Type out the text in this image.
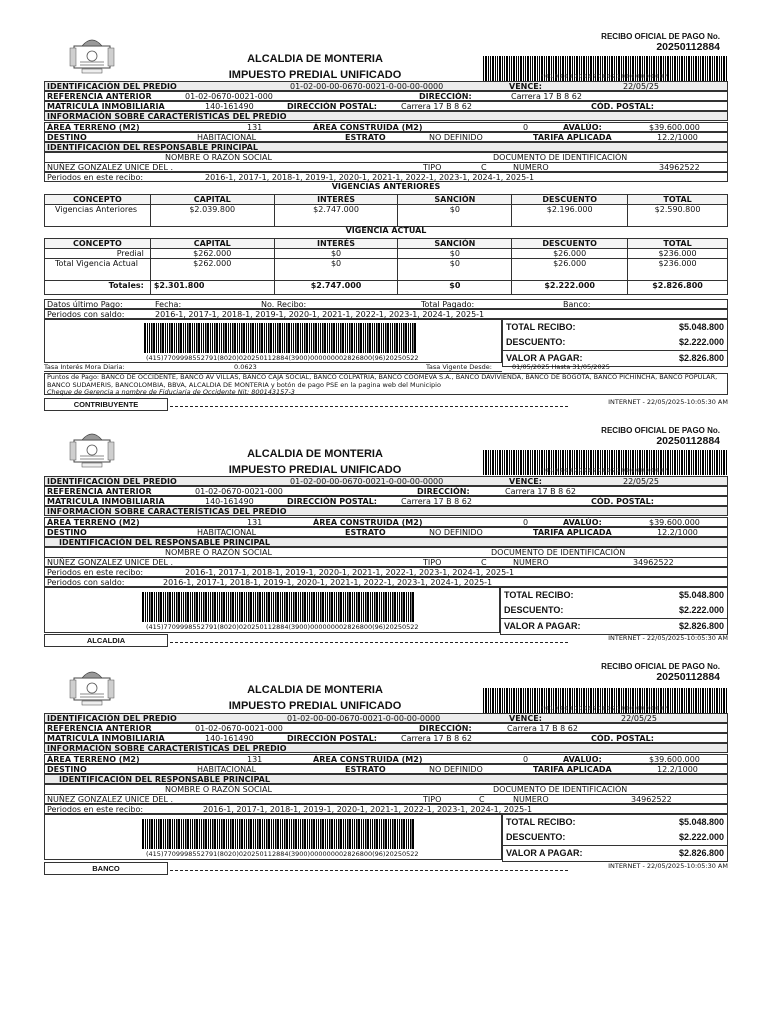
RECIBO OFICIAL DE PAGO No.
20250112884
ALCALDIA DE MONTERIA
IMPUESTO PREDIAL UNIFICADO	*0102000006700021000000000*
IDENTIFICACIÓN DEL PREDIO	01-02-00-00-0670-0021-0-00-00-0000	VENCE:	22/05/25
REFERENCIA ANTERIOR	01-02-0670-0021-000	DIRECCIÓN:	Carrera 17 B 8 62
MATRICULA INMOBILIARIA	140-161490	DIRECCIÓN POSTAL:	Carrera 17 B 8 62	CÓD. POSTAL:
INFORMACIÓN SOBRE CARACTERÍSTICAS DEL PREDIO
ÁREA TERRENO (M2)	131	ÁREA CONSTRUIDA (M2)	0	AVALÚO:	$39.600.000
DESTINO	HABITACIONAL	ESTRATO	NO DEFINIDO	TARIFA APLICADA	12.2/1000
IDENTIFICACIÓN DEL RESPONSABLE PRINCIPAL
NOMBRE O RAZÓN SOCIAL	DOCUMENTO DE IDENTIFICACIÓN
NUÑEZ GONZALEZ UNICE DEL .	TIPO	C	NUMERO	34962522
Periodos en este recibo:	2016-1, 2017-1, 2018-1, 2019-1, 2020-1, 2021-1, 2022-1, 2023-1, 2024-1, 2025-1
VIGENCIAS ANTERIORES
CONCEPTO	CAPITAL	INTERÉS	SANCIÓN	DESCUENTO	TOTAL
Vigencias Anteriores	$2.039.800	$2.747.000	$0	$2.196.000	$2.590.800
VIGENCIA ACTUAL
CONCEPTO	CAPITAL	INTERÉS	SANCIÓN	DESCUENTO	TOTAL
Predial	$262.000	$0	$0	$26.000	$236.000
Total Vigencia Actual	$262.000	$0	$0	$26.000	$236.000
Totales:	$2.301.800	$2.747.000	$0	$2.222.000	$2.826.800
Datos último Pago:	Fecha:	No. Recibo:	Total Pagado:	Banco:
Periodos con saldo:	2016-1, 2017-1, 2018-1, 2019-1, 2020-1, 2021-1, 2022-1, 2023-1, 2024-1, 2025-1
(415)7709998552791(8020)020250112884(3900)000000002826800(96)20250522
TOTAL RECIBO:	$5.048.800
DESCUENTO:	$2.222.000
VALOR A PAGAR:	$2.826.800
Tasa Interés Mora Diaria:	0.0623	Tasa Vigente Desde:	01/05/2025 Hasta 31/05/2025
Puntos de Pago: BANCO DE OCCIDENTE, BANCO AV VILLAS, BANCO CAJA SOCIAL, BANCO COLPATRIA, BANCO COOMEVA S.A., BANCO DAVIVIENDA, BANCO DE BOGOTA, BANCO PICHINCHA, BANCO POPULAR, BANCO SUDAMERIS, BANCOLOMBIA, BBVA, ALCALDIA DE MONTERIA y botón de pago PSE en la pagina web del Municipio
Cheque de Gerencia a nombre de Fiduciaria de Occidente Nit: 800143157-3
CONTRIBUYENTE	INTERNET - 22/05/2025-10:05:30 AM
RECIBO OFICIAL DE PAGO No.
20250112884
ALCALDIA DE MONTERIA
IMPUESTO PREDIAL UNIFICADO	*0102000006700021000000000*
IDENTIFICACIÓN DEL PREDIO	01-02-00-00-0670-0021-0-00-00-0000	VENCE:	22/05/25
REFERENCIA ANTERIOR	01-02-0670-0021-000	DIRECCIÓN:	Carrera 17 B 8 62
MATRICULA INMOBILIARIA	140-161490	DIRECCIÓN POSTAL:	Carrera 17 B 8 62	CÓD. POSTAL:
INFORMACIÓN SOBRE CARACTERÍSTICAS DEL PREDIO
ÁREA TERRENO (M2)	131	ÁREA CONSTRUIDA (M2)	0	AVALÚO:	$39.600.000
DESTINO	HABITACIONAL	ESTRATO	NO DEFINIDO	TARIFA APLICADA	12.2/1000
IDENTIFICACIÓN DEL RESPONSABLE PRINCIPAL
NOMBRE O RAZÓN SOCIAL	DOCUMENTO DE IDENTIFICACIÓN
NUÑEZ GONZALEZ UNICE DEL .	TIPO	C	NUMERO	34962522
Periodos en este recibo:	2016-1, 2017-1, 2018-1, 2019-1, 2020-1, 2021-1, 2022-1, 2023-1, 2024-1, 2025-1
Periodos con saldo:	2016-1, 2017-1, 2018-1, 2019-1, 2020-1, 2021-1, 2022-1, 2023-1, 2024-1, 2025-1
(415)7709998552791(8020)020250112884(3900)000000002826800(96)20250522
TOTAL RECIBO:	$5.048.800
DESCUENTO:	$2.222.000
VALOR A PAGAR:	$2.826.800
ALCALDIA	INTERNET - 22/05/2025-10:05:30 AM
RECIBO OFICIAL DE PAGO No.
20250112884
ALCALDIA DE MONTERIA
IMPUESTO PREDIAL UNIFICADO	*0102000006700021000000000*
IDENTIFICACIÓN DEL PREDIO	01-02-00-00-0670-0021-0-00-00-0000	VENCE:	22/05/25
REFERENCIA ANTERIOR	01-02-0670-0021-000	DIRECCIÓN:	Carrera 17 B 8 62
MATRICULA INMOBILIARIA	140-161490	DIRECCIÓN POSTAL:	Carrera 17 B 8 62	CÓD. POSTAL:
INFORMACIÓN SOBRE CARACTERÍSTICAS DEL PREDIO
ÁREA TERRENO (M2)	131	ÁREA CONSTRUIDA (M2)	0	AVALÚO:	$39.600.000
DESTINO	HABITACIONAL	ESTRATO	NO DEFINIDO	TARIFA APLICADA	12.2/1000
IDENTIFICACIÓN DEL RESPONSABLE PRINCIPAL
NOMBRE O RAZÓN SOCIAL	DOCUMENTO DE IDENTIFICACIÓN
NUÑEZ GONZALEZ UNICE DEL .	TIPO	C	NUMERO	34962522
Periodos en este recibo:	2016-1, 2017-1, 2018-1, 2019-1, 2020-1, 2021-1, 2022-1, 2023-1, 2024-1, 2025-1
(415)7709998552791(8020)020250112884(3900)000000002826800(96)20250522
TOTAL RECIBO:	$5.048.800
DESCUENTO:	$2.222.000
VALOR A PAGAR:	$2.826.800
BANCO	INTERNET - 22/05/2025-10:05:30 AM
